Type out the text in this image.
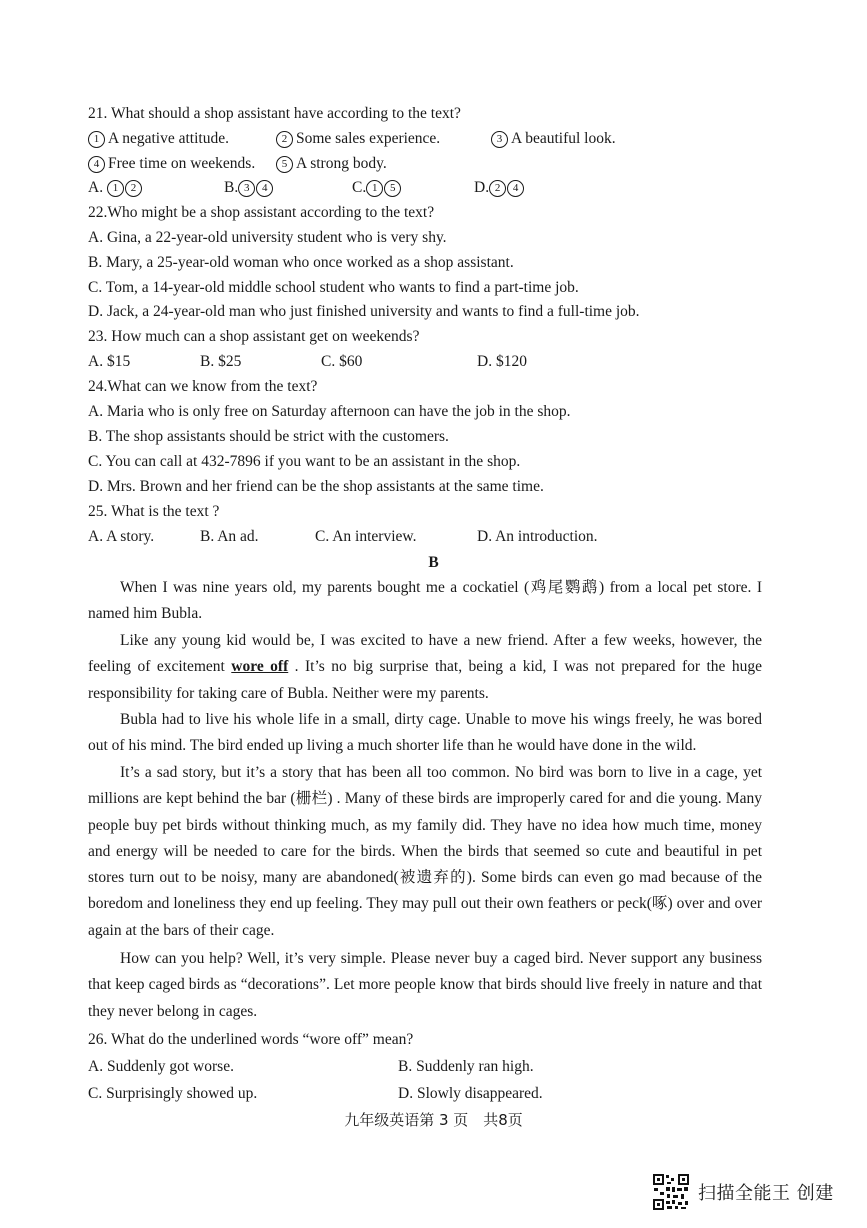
21. What should a shop assistant have according to the text?
1 A negative attitude.	2 Some sales experience.	3 A beautiful look.
4 Free time on weekends.	5 A strong body.
A. 1 2	B. 3 4	C. 1 5	D. 2 4
22.Who might be a shop assistant according to the text?
A. Gina, a 22-year-old university student who is very shy.
B. Mary, a 25-year-old woman who once worked as a shop assistant.
C. Tom, a 14-year-old middle school student who wants to find a part-time job.
D. Jack, a 24-year-old man who just finished university and wants to find a full-time job.
23. How much can a shop assistant get on weekends?
A. $15	B. $25	C. $60	D. $120
24.What can we know from the text?
A. Maria who is only free on Saturday afternoon can have the job in the shop.
B. The shop assistants should be strict with the customers.
C. You can call at 432-7896 if you want to be an assistant in the shop.
D. Mrs. Brown and her friend can be the shop assistants at the same time.
25. What is the text ?
A. A story.	B. An ad.	C. An interview.	D. An introduction.
B

When I was nine years old, my parents bought me a cockatiel (鸡尾鹦鹉) from a local pet store. I named him Bubla.

Like any young kid would be, I was excited to have a new friend. After a few weeks, however, the feeling of excitement wore off . It’s no big surprise that, being a kid, I was not prepared for the huge responsibility for taking care of Bubla. Neither were my parents.

Bubla had to live his whole life in a small, dirty cage. Unable to move his wings freely, he was bored out of his mind. The bird ended up living a much shorter life than he would have done in the wild.

It’s a sad story, but it’s a story that has been all too common. No bird was born to live in a cage, yet millions are kept behind the bar (栅栏) . Many of these birds are improperly cared for and die young. Many people buy pet birds without thinking much, as my family did. They have no idea how much time, money and energy will be needed to care for the birds. When the birds that seemed so cute and beautiful in pet stores turn out to be noisy, many are abandoned(被遗弃的). Some birds can even go mad because of the boredom and loneliness they end up feeling. They may pull out their own feathers or peck(啄) over and over again at the bars of their cage.

How can you help? Well, it’s very simple. Please never buy a caged bird. Never support any business that keep caged birds as “decorations”. Let more people know that birds should live freely in nature and that they never belong in cages.

26. What do the underlined words “wore off” mean?
A. Suddenly got worse.	B. Suddenly ran high.
C. Surprisingly showed up.	D. Slowly disappeared.
九年级英语第 3 页　共8页
扫描全能王 创建
